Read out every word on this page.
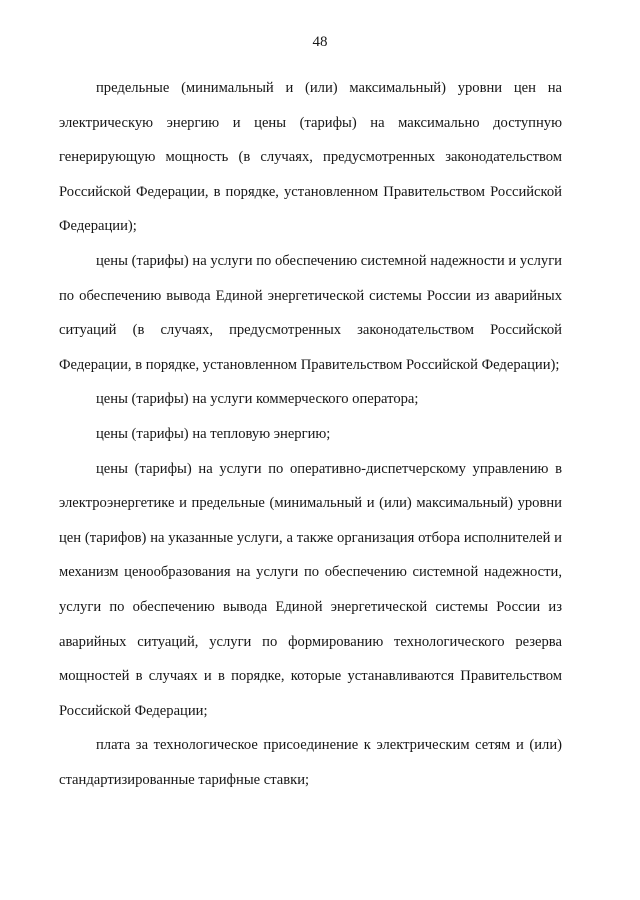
48

предельные (минимальный и (или) максимальный) уровни цен на электрическую энергию и цены (тарифы) на максимально доступную генерирующую мощность (в случаях, предусмотренных законодательством Российской Федерации, в порядке, установленном Правительством Российской Федерации);

цены (тарифы) на услуги по обеспечению системной надежности и услуги по обеспечению вывода Единой энергетической системы России из аварийных ситуаций (в случаях, предусмотренных законодательством Российской Федерации, в порядке, установленном Правительством Российской Федерации);

цены (тарифы) на услуги коммерческого оператора;

цены (тарифы) на тепловую энергию;

цены (тарифы) на услуги по оперативно-диспетчерскому управлению в электроэнергетике и предельные (минимальный и (или) максимальный) уровни цен (тарифов) на указанные услуги, а также организация отбора исполнителей и механизм ценообразования на услуги по обеспечению системной надежности, услуги по обеспечению вывода Единой энергетической системы России из аварийных ситуаций, услуги по формированию технологического резерва мощностей в случаях и в порядке, которые устанавливаются Правительством Российской Федерации;

плата за технологическое присоединение к электрическим сетям и (или) стандартизированные тарифные ставки;
